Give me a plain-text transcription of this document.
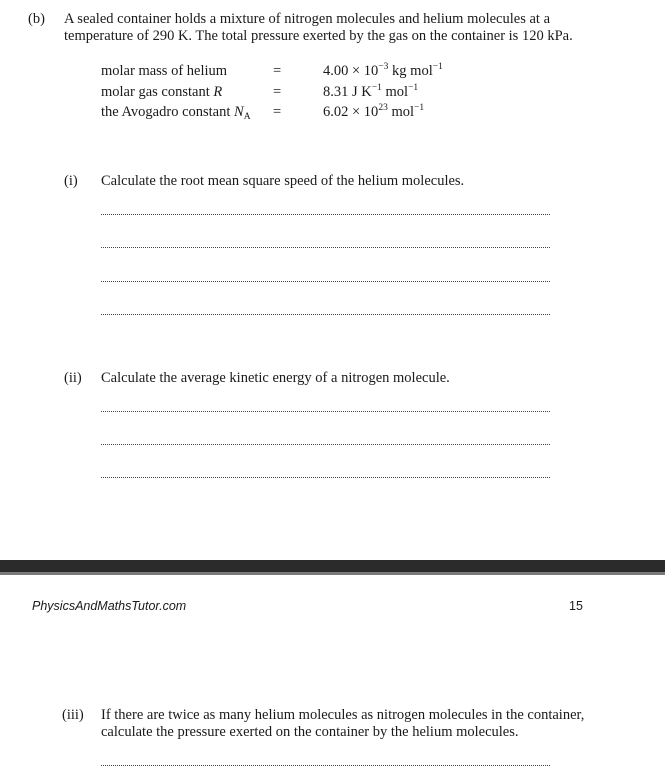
(b) A sealed container holds a mixture of nitrogen molecules and helium molecules at a
temperature of 290 K. The total pressure exerted by the gas on the container is 120 kPa.
molar mass of helium	=	$4.00 \times 10^{-3}$ kg mol$^{-1}$
molar gas constant R	=	8.31 J $K^{-1}$ mol$^{-1}$
the Avogadro constant $N_A$ =	$6.02 \times 10^{23}$ mol$^{-1}$
(i) Calculate the root mean square speed of the helium molecules.
(ii) Calculate the average kinetic energy of a nitrogen molecule.
PhysicsAndMathsTutor.com	15
(iii) If there are twice as many helium molecules as nitrogen molecules in the container,
calculate the pressure exerted on the container by the helium molecules.
